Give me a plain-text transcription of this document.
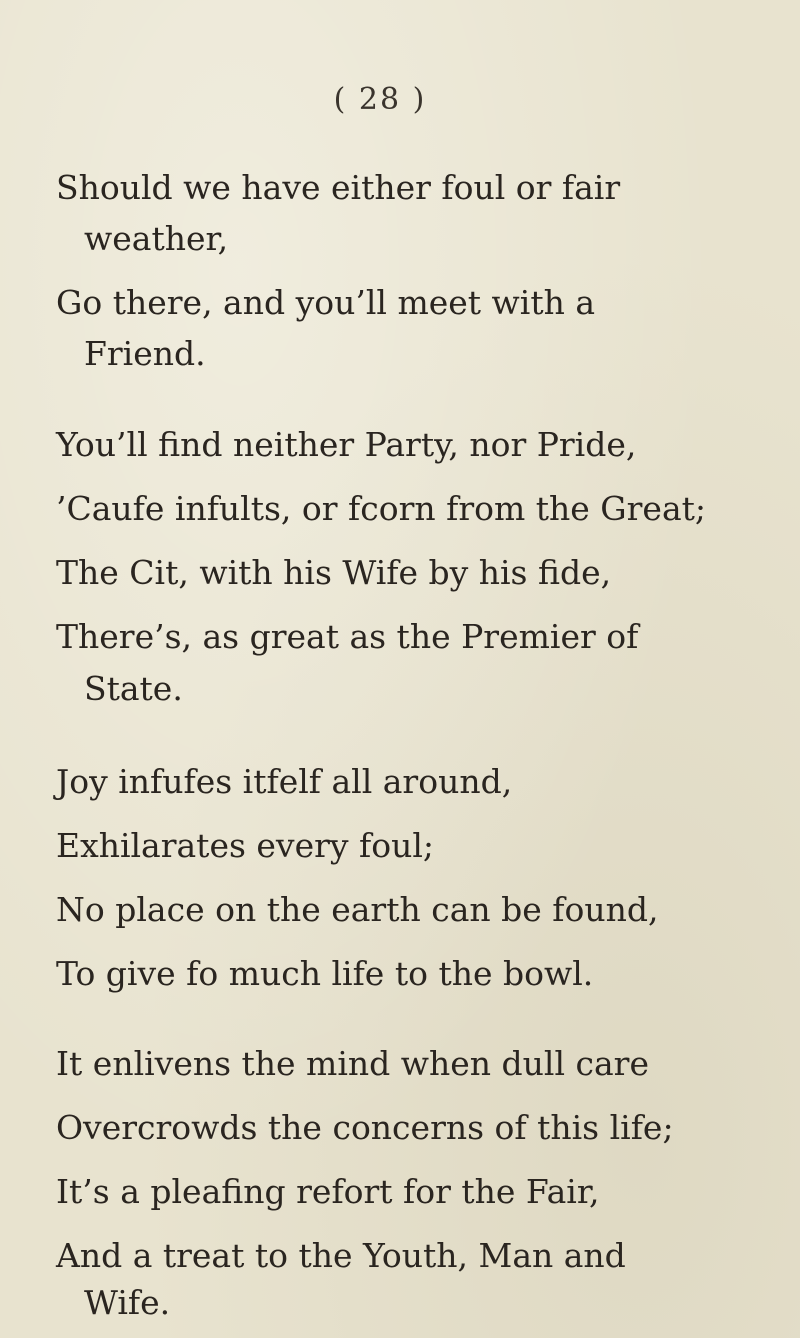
( 28 )
Should we have either foul or fair
weather,
Go there, and you’ll meet with a
Friend.
You’ll find neither Party, nor Pride,
’Caufe infults, or fcorn from the Great;
The Cit, with his Wife by his fide,
There’s, as great as the Premier of
State.
Joy infufes itfelf all around,
Exhilarates every foul;
No place on the earth can be found,
To give fo much life to the bowl.
It enlivens the mind when dull care
Overcrowds the concerns of this life;
It’s a pleafing refort for the Fair,
And a treat to the Youth, Man and
Wife.
